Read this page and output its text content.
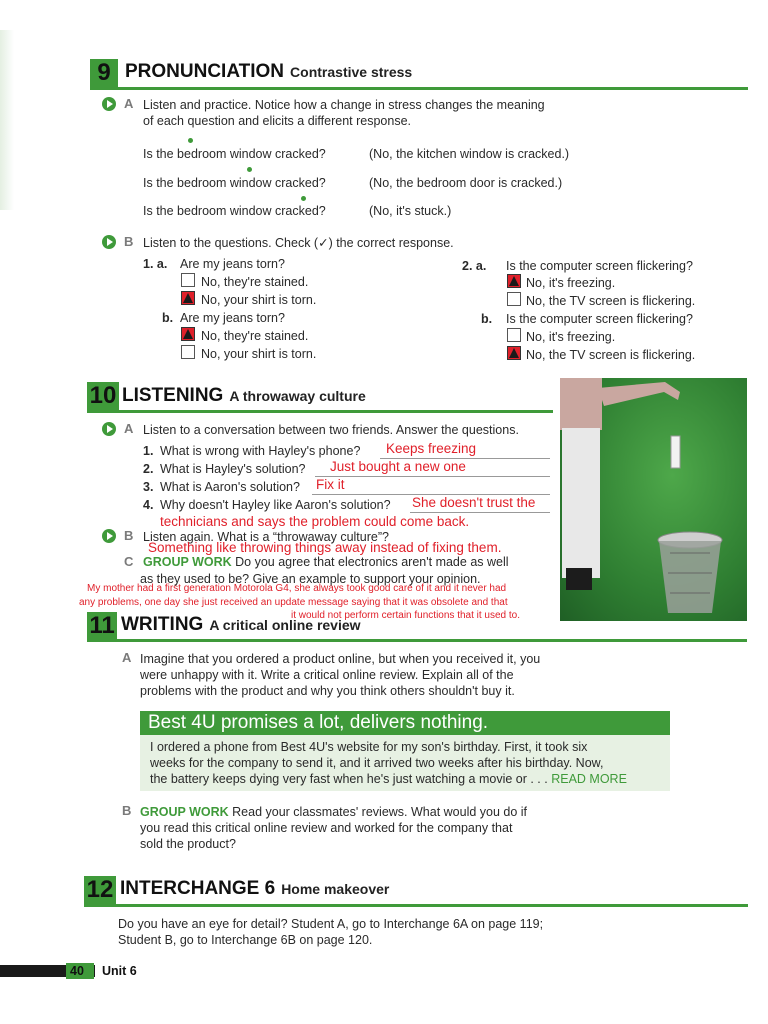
9 PRONUNCIATION Contrastive stress
A Listen and practice. Notice how a change in stress changes the meaning
of each question and elicits a different response.
Is the bedroom window cracked?	(No, the kitchen window is cracked.)
Is the bedroom window cracked?	(No, the bedroom door is cracked.)
Is the bedroom window cracked?	(No, it's stuck.)
B Listen to the questions. Check (✓) the correct response.
1. a. Are my jeans torn?
No, they're stained.
No, your shirt is torn.
b. Are my jeans torn?
No, they're stained.
No, your shirt is torn.
2. a. Is the computer screen flickering?
No, it's freezing.
No, the TV screen is flickering.
b. Is the computer screen flickering?
No, it's freezing.
No, the TV screen is flickering.
10 LISTENING A throwaway culture
A Listen to a conversation between two friends. Answer the questions.
1. What is wrong with Hayley's phone? Keeps freezing
2. What is Hayley's solution? Just bought a new one
3. What is Aaron's solution? Fix it
4. Why doesn't Hayley like Aaron's solution? She doesn't trust the
technicians and says the problem could come back.
B Listen again. What is a “throwaway culture”?
Something like throwing things away instead of fixing them.
C GROUP WORK Do you agree that electronics aren't made as well
as they used to be? Give an example to support your opinion.
My mother had a first generation Motorola G4, she always took good care of it and it never had
any problems, one day she just received an update message saying that it was obsolete and that
it would not perform certain functions that it used to.
11 WRITING A critical online review
A Imagine that you ordered a product online, but when you received it, you
were unhappy with it. Write a critical online review. Explain all of the
problems with the product and why you think others shouldn't buy it.
Best 4U promises a lot, delivers nothing.
I ordered a phone from Best 4U's website for my son's birthday. First, it took six
weeks for the company to send it, and it arrived two weeks after his birthday. Now,
the battery keeps dying very fast when he's just watching a movie or . . . READ MORE
B GROUP WORK Read your classmates' reviews. What would you do if
you read this critical online review and worked for the company that
sold the product?
12 INTERCHANGE 6 Home makeover
Do you have an eye for detail? Student A, go to Interchange 6A on page 119;
Student B, go to Interchange 6B on page 120.
40 Unit 6
